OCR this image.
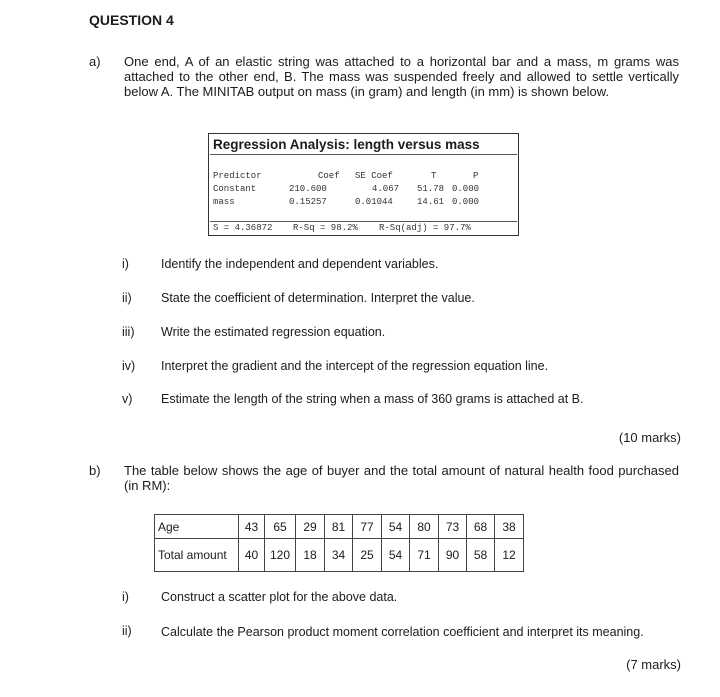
QUESTION 4
a) One end, A of an elastic string was attached to a horizontal bar and a mass, m grams was attached to the other end, B. The mass was suspended freely and allowed to settle vertically below A. The MINITAB output on mass (in gram) and length (in mm) is shown below.
Regression Analysis: length versus mass
Predictor	Coef SE Coef	T	P
Constant	210.600	4.067 51.78 0.000
mass	0.15257	0.01044	14.61 0.000
S = 4.36872 R-Sq = 98.2% R-Sq(adj) = 97.7%
i)	Identify the independent and dependent variables.
ii) State the coefficient of determination. Interpret the value.
iii) Write the estimated regression equation.
iv) Interpret the gradient and the intercept of the regression equation line.
v) Estimate the length of the string when a mass of 360 grams is attached at B.
(10 marks)
b) The table below shows the age of buyer and the total amount of natural health food purchased (in RM):
Age	43	65	29	81	77	54	80	73	68	38
Total amount	40	120	18	34	25	54	71	90	58	12
i)	Construct a scatter plot for the above data.
ii) Calculate the Pearson product moment correlation coefficient and interpret its meaning.
(7 marks)
